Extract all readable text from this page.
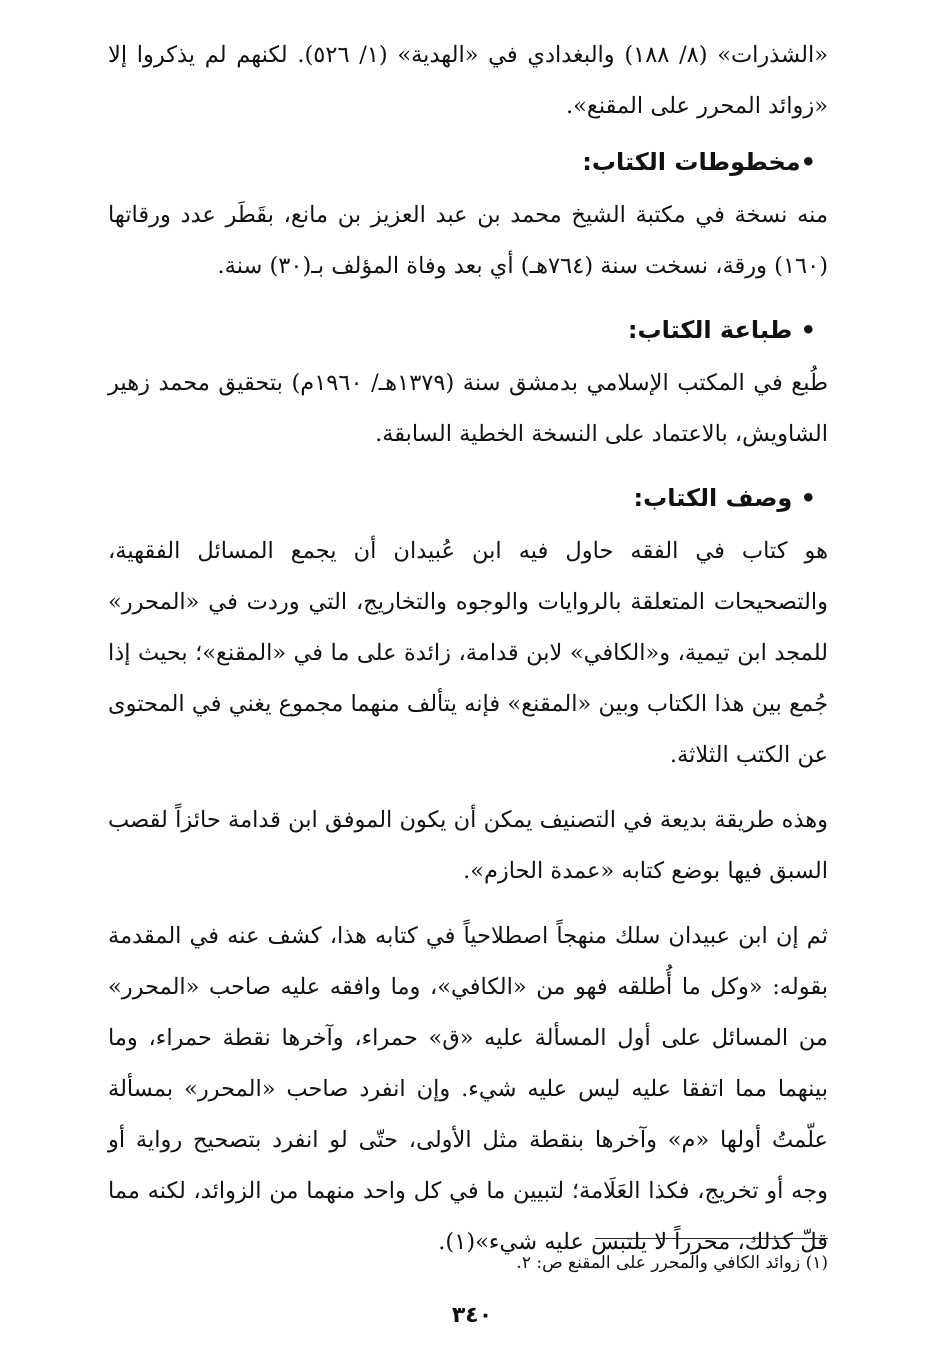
«الشذرات» (٨/ ١٨٨) والبغدادي في «الهدية» (١/ ٥٢٦). لكنهم لم يذكروا إلا «زوائد المحرر على المقنع».

•مخطوطات الكتاب:

منه نسخة في مكتبة الشيخ محمد بن عبد العزيز بن مانع، بقَطَر عدد ورقاتها (١٦٠) ورقة، نسخت سنة (٧٦٤هـ) أي بعد وفاة المؤلف بـ(٣٠) سنة.

• طباعة الكتاب:

طُبع في المكتب الإسلامي بدمشق سنة (١٣٧٩هـ/ ١٩٦٠م) بتحقيق محمد زهير الشاويش، بالاعتماد على النسخة الخطية السابقة.

• وصف الكتاب:

هو كتاب في الفقه حاول فيه ابن عُبيدان أن يجمع المسائل الفقهية، والتصحيحات المتعلقة بالروايات والوجوه والتخاريج، التي وردت في «المحرر» للمجد ابن تيمية، و«الكافي» لابن قدامة، زائدة على ما في «المقنع»؛ بحيث إذا جُمع بين هذا الكتاب وبين «المقنع» فإنه يتألف منهما مجموع يغني في المحتوى عن الكتب الثلاثة.

وهذه طريقة بديعة في التصنيف يمكن أن يكون الموفق ابن قدامة حائزاً لقصب السبق فيها بوضع كتابه «عمدة الحازم».

ثم إن ابن عبيدان سلك منهجاً اصطلاحياً في كتابه هذا، كشف عنه في المقدمة بقوله: «وكل ما أُطلقه فهو من «الكافي»، وما وافقه عليه صاحب «المحرر» من المسائل على أول المسألة عليه «ق» حمراء، وآخرها نقطة حمراء، وما بينهما مما اتفقا عليه ليس عليه شيء. وإن انفرد صاحب «المحرر» بمسألة علّمتُ أولها «م» وآخرها بنقطة مثل الأولى، حتّى لو انفرد بتصحيح رواية أو وجه أو تخريج، فكذا العَلَامة؛ لتبيين ما في كل واحد منهما من الزوائد، لكنه مما قلّ كذلك، محرراً لا يلتبس عليه شيء»(١).

(١) زوائد الكافي والمحرر على المقنع ص: ٢.
٣٤٠
